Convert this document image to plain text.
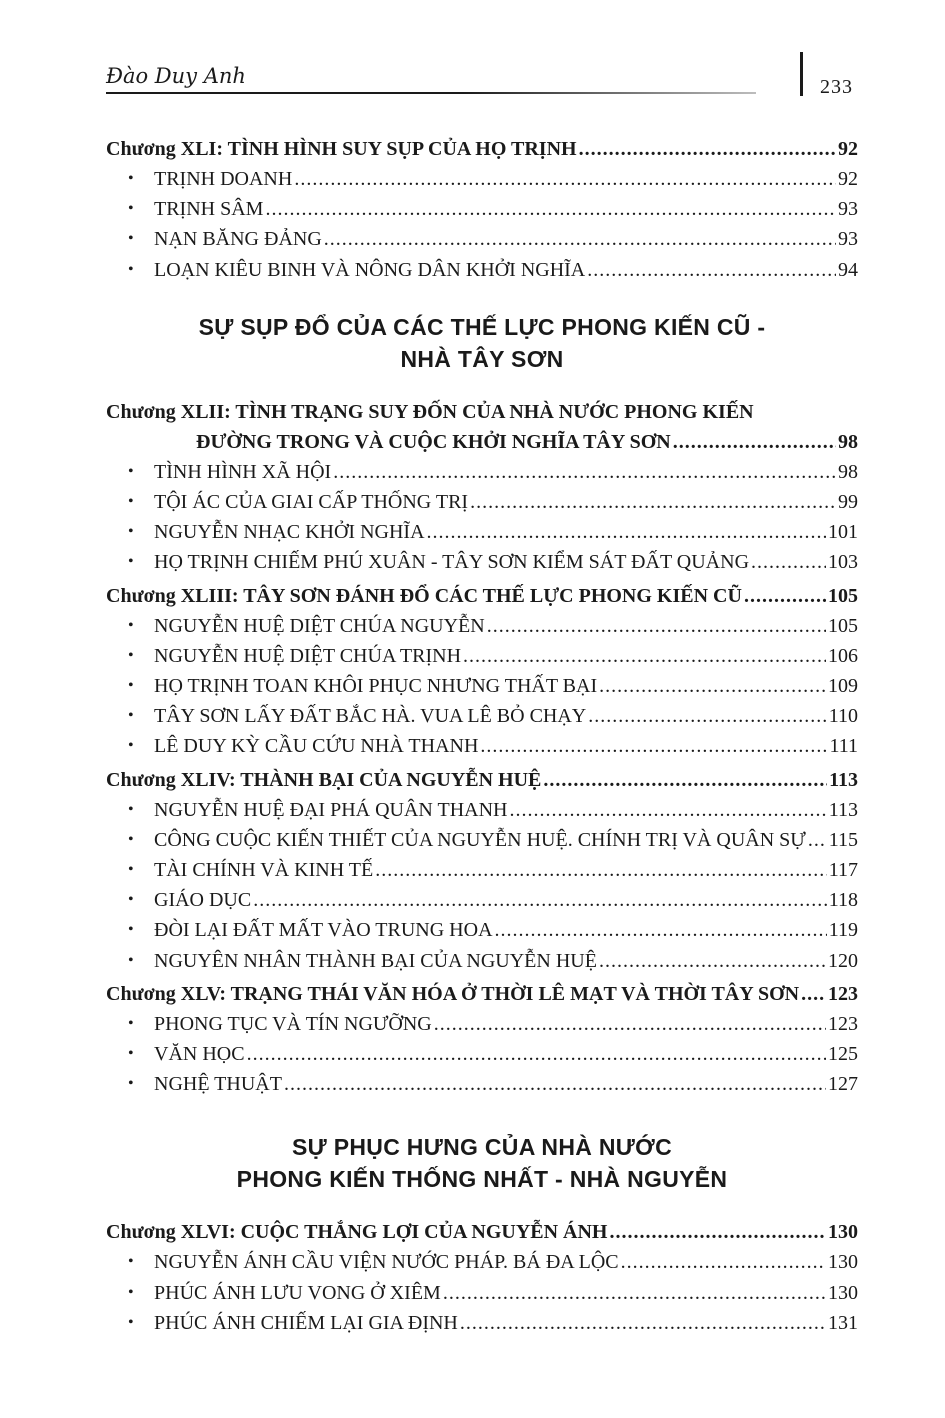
Đào Duy Anh	233
Chương XLI: TÌNH HÌNH SUY SỤP CỦA HỌ TRỊNH .....	92
•	TRỊNH DOANH .....	92
•	TRỊNH SÂM .....	93
•	NẠN BĂNG ĐẢNG .....	93
•	LOẠN KIÊU BINH VÀ NÔNG DÂN KHỞI NGHĨA .....	94
SỰ SỤP ĐỔ CỦA CÁC THẾ LỰC PHONG KIẾN CŨ -
NHÀ TÂY SƠN
Chương XLII: TÌNH TRẠNG SUY ĐỐN CỦA NHÀ NƯỚC PHONG KIẾN
ĐƯỜNG TRONG VÀ CUỘC KHỞI NGHĨA TÂY SƠN .....	98
•	TÌNH HÌNH XÃ HỘI .....	98
•	TỘI ÁC CỦA GIAI CẤP THỐNG TRỊ .....	99
•	NGUYỄN NHẠC KHỞI NGHĨA .....	101
•	HỌ TRỊNH CHIẾM PHÚ XUÂN - TÂY SƠN KIỂM SÁT ĐẤT QUẢNG .....	103
Chương XLIII: TÂY SƠN ĐÁNH ĐỔ CÁC THẾ LỰC PHONG KIẾN CŨ .....	105
•	NGUYỄN HUỆ DIỆT CHÚA NGUYỄN .....	105
•	NGUYỄN HUỆ DIỆT CHÚA TRỊNH .....	106
•	HỌ TRỊNH TOAN KHÔI PHỤC NHƯNG THẤT BẠI .....	109
•	TÂY SƠN LẤY ĐẤT BẮC HÀ. VUA LÊ BỎ CHẠY .....	110
•	LÊ DUY KỲ CẦU CỨU NHÀ THANH .....	111
Chương XLIV: THÀNH BẠI CỦA NGUYỄN HUỆ .....	113
•	NGUYỄN HUỆ ĐẠI PHÁ QUÂN THANH .....	113
•	CÔNG CUỘC KIẾN THIẾT CỦA NGUYỄN HUỆ. CHÍNH TRỊ VÀ QUÂN SỰ ..... 115
•	TÀI CHÍNH VÀ KINH TẾ .....	117
•	GIÁO DỤC .....	118
•	ĐÒI LẠI ĐẤT MẤT VÀO TRUNG HOA .....	119
•	NGUYÊN NHÂN THÀNH BẠI CỦA NGUYỄN HUỆ .....	120
Chương XLV: TRẠNG THÁI VĂN HÓA Ở THỜI LÊ MẠT VÀ THỜI TÂY SƠN ..... 123
•	PHONG TỤC VÀ TÍN NGƯỠNG .....	123
•	VĂN HỌC .....	125
•	NGHỆ THUẬT .....	127
SỰ PHỤC HƯNG CỦA NHÀ NƯỚC
PHONG KIẾN THỐNG NHẤT - NHÀ NGUYỄN
Chương XLVI: CUỘC THẮNG LỢI CỦA NGUYỄN ÁNH .....	130
•	NGUYỄN ÁNH CẦU VIỆN NƯỚC PHÁP. BÁ ĐA LỘC .....	130
•	PHÚC ÁNH LƯU VONG Ở XIÊM .....	130
•	PHÚC ÁNH CHIẾM LẠI GIA ĐỊNH .....	131
